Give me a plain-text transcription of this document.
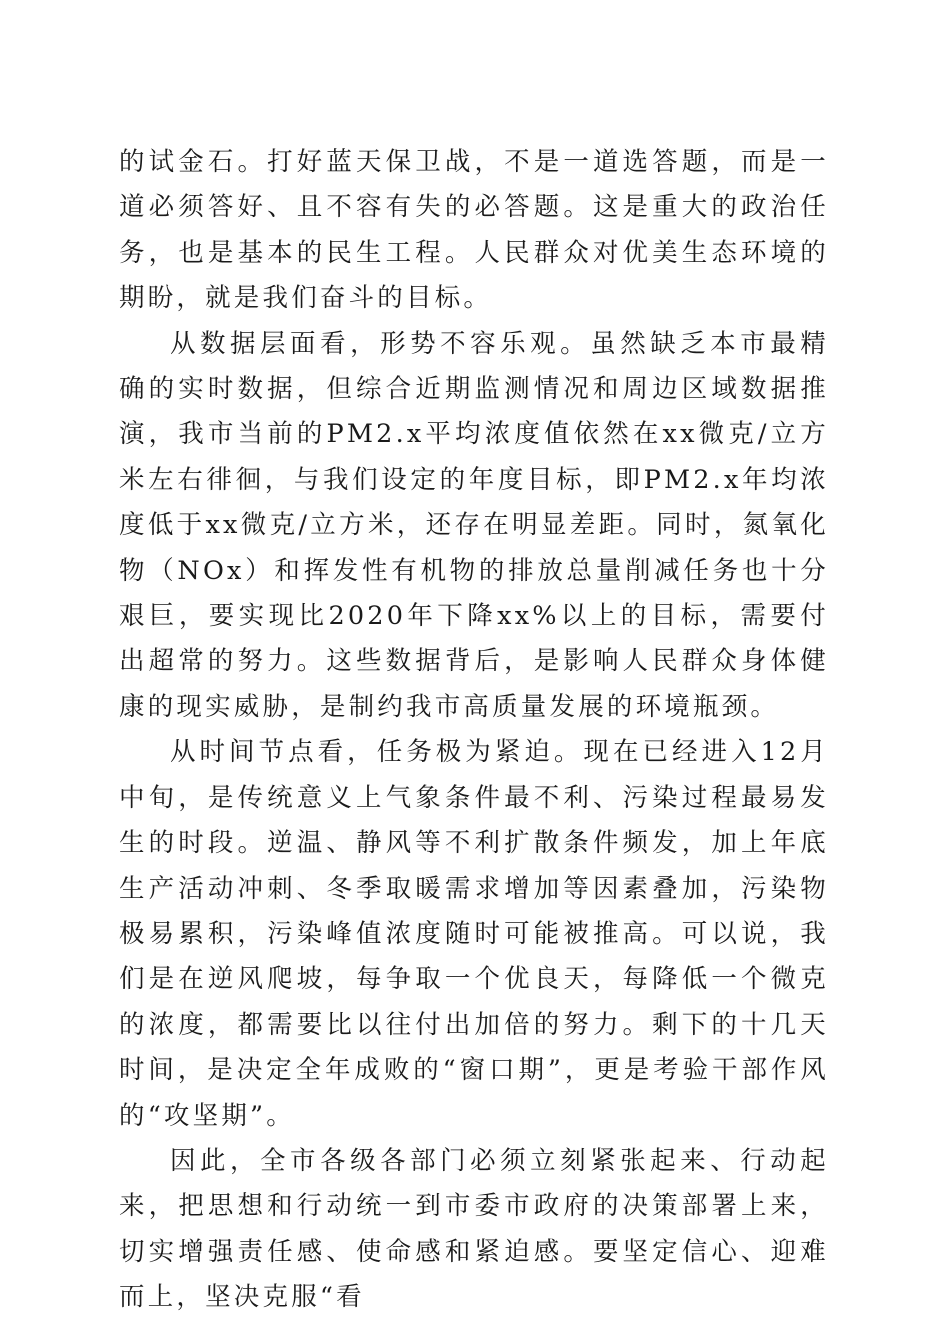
的试金石。打好蓝天保卫战，不是一道选答题，而是一道必须答好、且不容有失的必答题。这是重大的政治任务，也是基本的民生工程。人民群众对优美生态环境的期盼，就是我们奋斗的目标。

从数据层面看，形势不容乐观。虽然缺乏本市最精确的实时数据，但综合近期监测情况和周边区域数据推演，我市当前的PM2.x平均浓度值依然在xx微克/立方米左右徘徊，与我们设定的年度目标，即PM2.x年均浓度低于xx微克/立方米，还存在明显差距。同时，氮氧化物（NOx）和挥发性有机物的排放总量削减任务也十分艰巨，要实现比2020年下降xx%以上的目标，需要付出超常的努力。这些数据背后，是影响人民群众身体健康的现实威胁，是制约我市高质量发展的环境瓶颈。

从时间节点看，任务极为紧迫。现在已经进入12月中旬，是传统意义上气象条件最不利、污染过程最易发生的时段。逆温、静风等不利扩散条件频发，加上年底生产活动冲刺、冬季取暖需求增加等因素叠加，污染物极易累积，污染峰值浓度随时可能被推高。可以说，我们是在逆风爬坡，每争取一个优良天，每降低一个微克的浓度，都需要比以往付出加倍的努力。剩下的十几天时间，是决定全年成败的“窗口期”，更是考验干部作风的“攻坚期”。

因此，全市各级各部门必须立刻紧张起来、行动起来，把思想和行动统一到市委市政府的决策部署上来，切实增强责任感、使命感和紧迫感。要坚定信心、迎难而上，坚决克服“看
